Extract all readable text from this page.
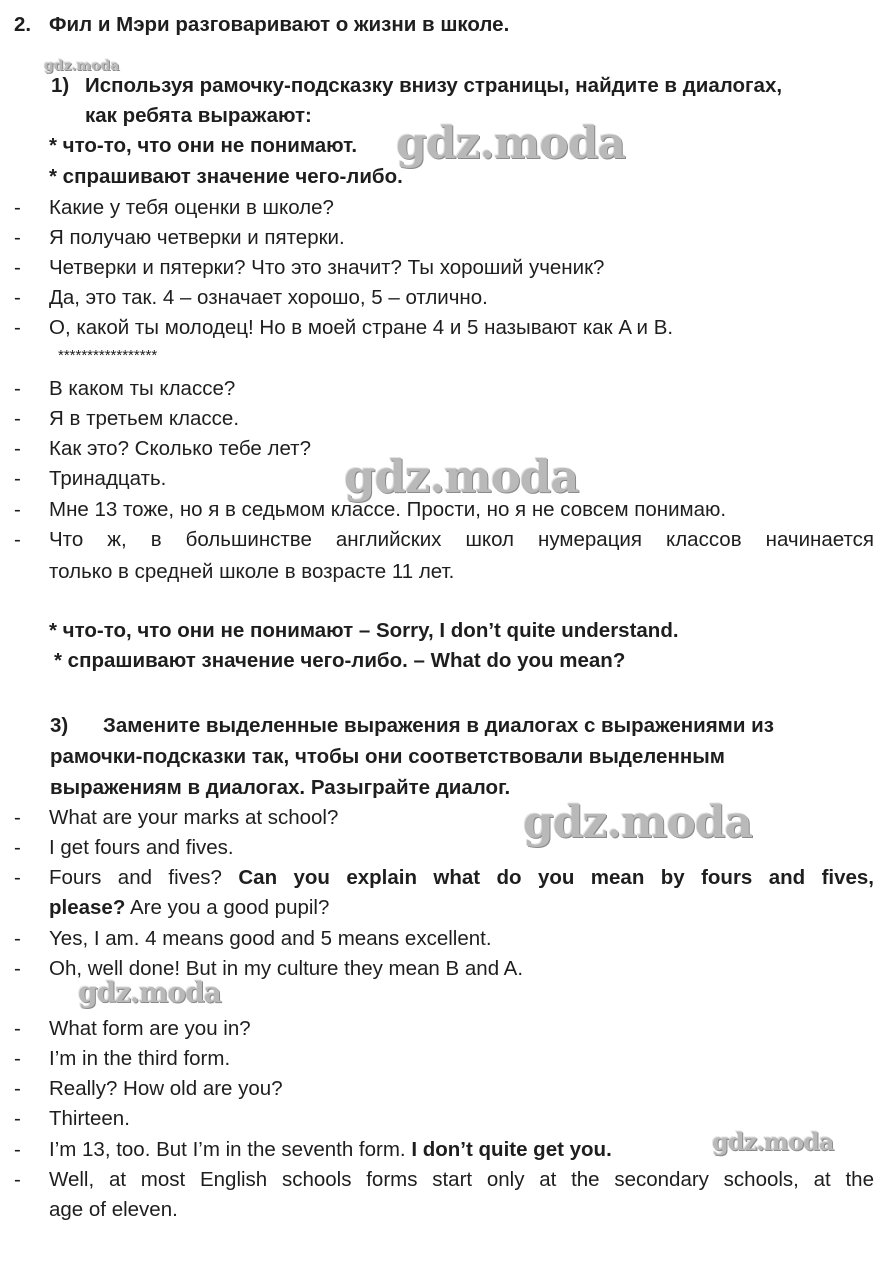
2. Фил и Мэри разговаривают о жизни в школе.
1) Используя рамочку-подсказку внизу страницы, найдите в диалогах,
как ребята выражают:
* что-то, что они не понимают.
* спрашивают значение чего-либо.
- Какие у тебя оценки в школе?
- Я получаю четверки и пятерки.
- Четверки и пятерки? Что это значит? Ты хороший ученик?
- Да, это так. 4 – означает хорошо, 5 – отлично.
- О, какой ты молодец! Но в моей стране 4 и 5 называют как A и B.
*****************
- В каком ты классе?
- Я в третьем классе.
- Как это? Сколько тебе лет?
- Тринадцать.
- Мне 13 тоже, но я в седьмом классе. Прости, но я не совсем понимаю.
- Что ж, в большинстве английских школ нумерация классов начинается
только в средней школе в возрасте 11 лет.
* что-то, что они не понимают – Sorry, I don’t quite understand.
* спрашивают значение чего-либо. – What do you mean?
3) Замените выделенные выражения в диалогах с выражениями из
рамочки-подсказки так, чтобы они соответствовали выделенным
выражениям в диалогах. Разыграйте диалог.
- What are your marks at school?
- I get fours and fives.
- Fours and fives? Can you explain what do you mean by fours and fives,
please? Are you a good pupil?
- Yes, I am. 4 means good and 5 means excellent.
- Oh, well done! But in my culture they mean B and A.
- What form are you in?
- I’m in the third form.
- Really? How old are you?
- Thirteen.
- I’m 13, too. But I’m in the seventh form. I don’t quite get you.
- Well, at most English schools forms start only at the secondary schools, at the
age of eleven.
gdz.moda
gdz.moda
gdz.moda
gdz.moda
gdz.moda
gdz.moda
